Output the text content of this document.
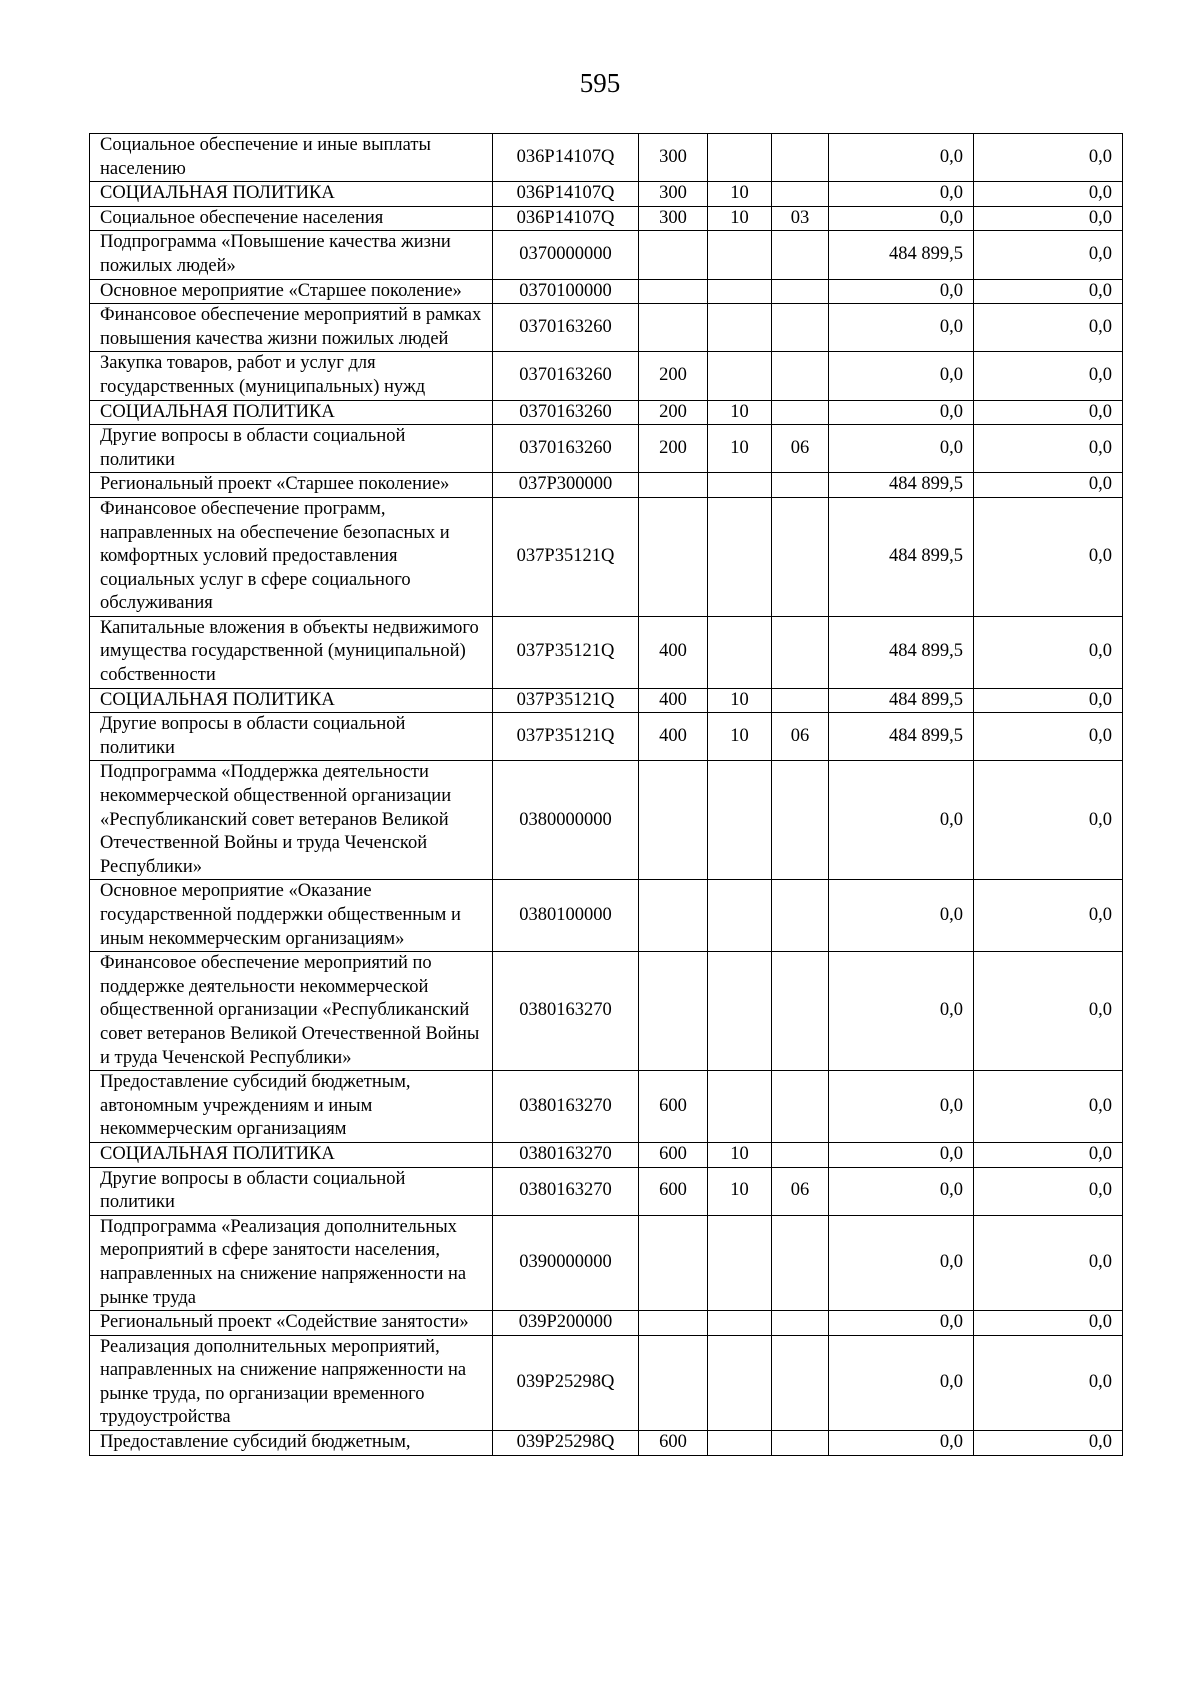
595
Социальное обеспечение и иные выплаты населению	036P14107Q	300			0,0	0,0
СОЦИАЛЬНАЯ ПОЛИТИКА	036P14107Q	300	10		0,0	0,0
Социальное обеспечение населения	036P14107Q	300	10	03	0,0	0,0
Подпрограмма «Повышение качества жизни пожилых людей»	0370000000				484 899,5	0,0
Основное мероприятие «Старшее поколение»	0370100000				0,0	0,0
Финансовое обеспечение мероприятий в рамках повышения качества жизни пожилых людей	0370163260				0,0	0,0
Закупка товаров, работ и услуг для государственных (муниципальных) нужд	0370163260	200			0,0	0,0
СОЦИАЛЬНАЯ ПОЛИТИКА	0370163260	200	10		0,0	0,0
Другие вопросы в области социальной политики	0370163260	200	10	06	0,0	0,0
Региональный проект «Старшее поколение»	037P300000				484 899,5	0,0
Финансовое обеспечение программ, направленных на обеспечение безопасных и комфортных условий предоставления социальных услуг в сфере социального обслуживания	037P35121Q				484 899,5	0,0
Капитальные вложения в объекты недвижимого имущества государственной (муниципальной) собственности	037P35121Q	400			484 899,5	0,0
СОЦИАЛЬНАЯ ПОЛИТИКА	037P35121Q	400	10		484 899,5	0,0
Другие вопросы в области социальной политики	037P35121Q	400	10	06	484 899,5	0,0
Подпрограмма «Поддержка деятельности некоммерческой общественной организации «Республиканский совет ветеранов Великой Отечественной Войны и труда Чеченской Республики»	0380000000				0,0	0,0
Основное мероприятие «Оказание государственной поддержки общественным и иным некоммерческим организациям»	0380100000				0,0	0,0
Финансовое обеспечение мероприятий по поддержке деятельности некоммерческой общественной организации «Республиканский совет ветеранов Великой Отечественной Войны и труда Чеченской Республики»	0380163270				0,0	0,0
Предоставление субсидий бюджетным, автономным учреждениям и иным некоммерческим организациям	0380163270	600			0,0	0,0
СОЦИАЛЬНАЯ ПОЛИТИКА	0380163270	600	10		0,0	0,0
Другие вопросы в области социальной политики	0380163270	600	10	06	0,0	0,0
Подпрограмма «Реализация дополнительных мероприятий в сфере занятости населения, направленных на снижение напряженности на рынке труда	0390000000				0,0	0,0
Региональный проект «Содействие занятости»	039P200000				0,0	0,0
Реализация дополнительных мероприятий, направленных на снижение напряженности на рынке труда, по организации временного трудоустройства	039P25298Q				0,0	0,0
Предоставление субсидий бюджетным,	039P25298Q	600			0,0	0,0
